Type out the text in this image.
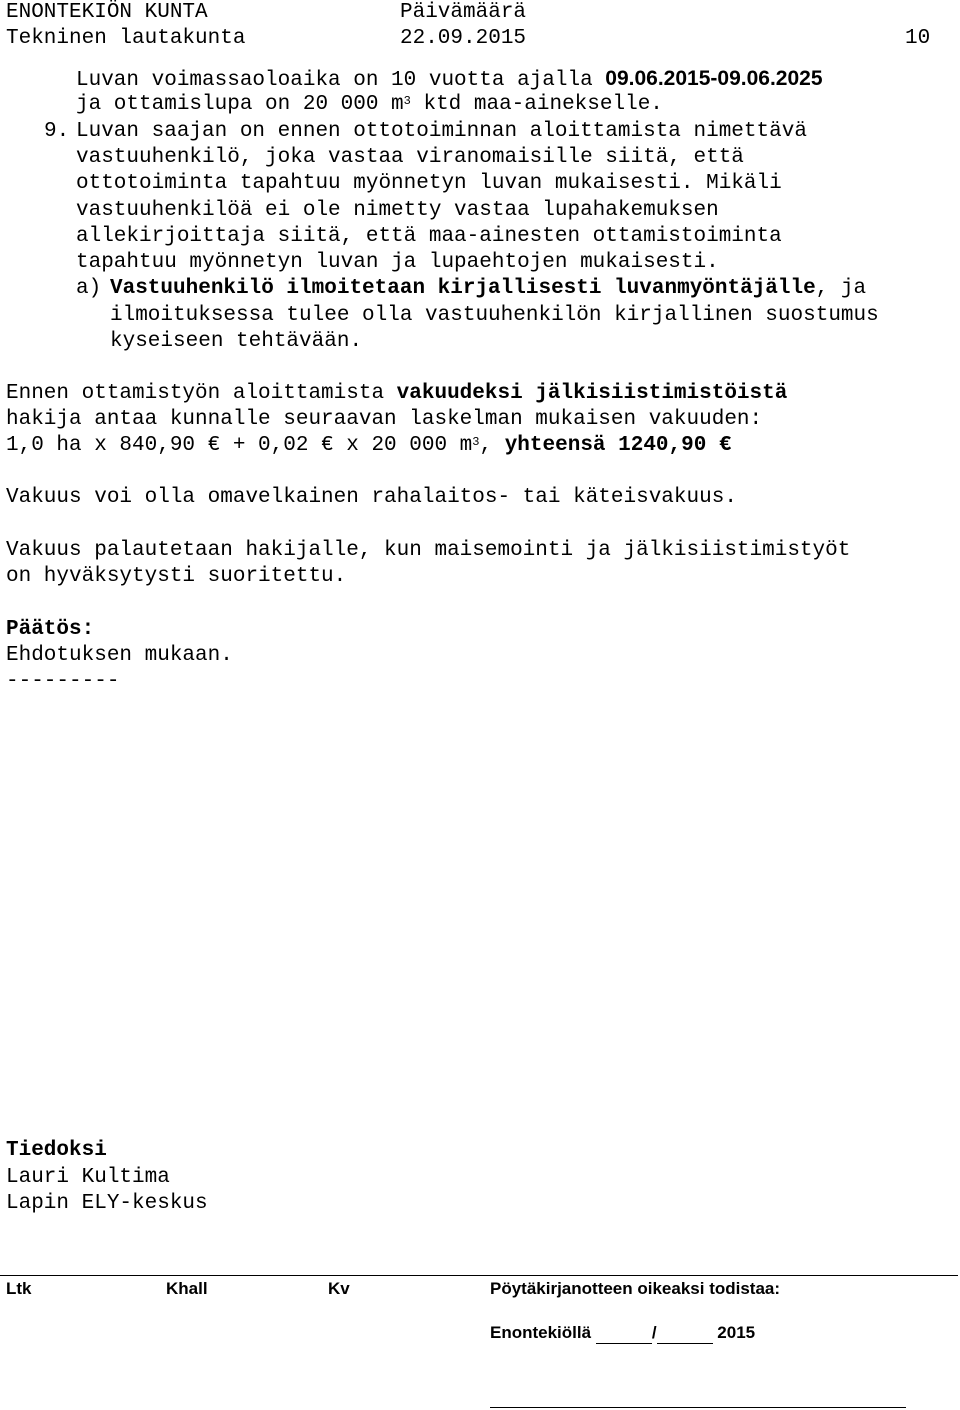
ENONTEKIÖN KUNTA	Päivämäärä
Tekninen lautakunta	22.09.2015	10
Luvan voimassaoloaika on 10 vuotta ajalla 09.06.2015-09.06.2025
ja ottamislupa on 20 000 $m^3$ ktd maa-ainekselle.
9. Luvan saajan on ennen ottotoiminnan aloittamista nimettävä
vastuuhenkilö, joka vastaa viranomaisille siitä, että
ottotoiminta tapahtuu myönnetyn luvan mukaisesti. Mikäli
vastuuhenkilöä ei ole nimetty vastaa lupahakemuksen
allekirjoittaja siitä, että maa-ainesten ottamistoiminta
tapahtuu myönnetyn luvan ja lupaehtojen mukaisesti.
a) Vastuuhenkilö ilmoitetaan kirjallisesti luvanmyöntäjälle, ja
ilmoituksessa tulee olla vastuuhenkilön kirjallinen suostumus
kyseiseen tehtävään.
Ennen ottamistyön aloittamista vakuudeksi jälkisiistimistöistä
hakija antaa kunnalle seuraavan laskelman mukaisen vakuuden:
1,0 ha x 840,90 € + 0,02 € x 20 000 $m^3$, yhteensä 1240,90 €
Vakuus voi olla omavelkainen rahalaitos- tai käteisvakuus.
Vakuus palautetaan hakijalle, kun maisemointi ja jälkisiistimistyöt
on hyväksytysti suoritettu.
Päätös:
Ehdotuksen mukaan.
---------
Tiedoksi
Lauri Kultima
Lapin ELY-keskus
Ltk	Khall	Kv	Pöytäkirjanotteen oikeaksi todistaa:
Enontekiöllä	/	2015
